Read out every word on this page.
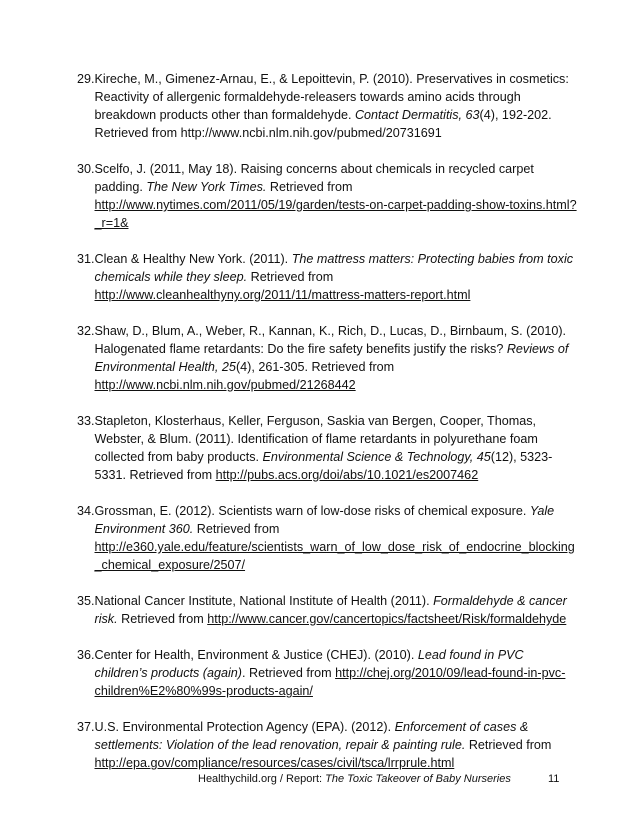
29. Kireche, M., Gimenez-Arnau, E., & Lepoittevin, P. (2010). Preservatives in cosmetics: Reactivity of allergenic formaldehyde-releasers towards amino acids through breakdown products other than formaldehyde. Contact Dermatitis, 63(4), 192-202. Retrieved from http://www.ncbi.nlm.nih.gov/pubmed/20731691
30. Scelfo, J. (2011, May 18). Raising concerns about chemicals in recycled carpet padding. The New York Times. Retrieved from http://www.nytimes.com/2011/05/19/garden/tests-on-carpet-padding-show-toxins.html?_r=1&
31. Clean & Healthy New York. (2011). The mattress matters: Protecting babies from toxic chemicals while they sleep. Retrieved from http://www.cleanhealthyny.org/2011/11/mattress-matters-report.html
32. Shaw, D., Blum, A., Weber, R., Kannan, K., Rich, D., Lucas, D., Birnbaum, S. (2010). Halogenated flame retardants: Do the fire safety benefits justify the risks? Reviews of Environmental Health, 25(4), 261-305. Retrieved from http://www.ncbi.nlm.nih.gov/pubmed/21268442
33. Stapleton, Klosterhaus, Keller, Ferguson, Saskia van Bergen, Cooper, Thomas, Webster, & Blum. (2011). Identification of flame retardants in polyurethane foam collected from baby products. Environmental Science & Technology, 45(12), 5323-5331. Retrieved from http://pubs.acs.org/doi/abs/10.1021/es2007462
34. Grossman, E. (2012). Scientists warn of low-dose risks of chemical exposure. Yale Environment 360. Retrieved from http://e360.yale.edu/feature/scientists_warn_of_low_dose_risk_of_endocrine_blocking_chemical_exposure/2507/
35. National Cancer Institute, National Institute of Health (2011). Formaldehyde & cancer risk. Retrieved from http://www.cancer.gov/cancertopics/factsheet/Risk/formaldehyde
36. Center for Health, Environment & Justice (CHEJ). (2010). Lead found in PVC children’s products (again). Retrieved from http://chej.org/2010/09/lead-found-in-pvc-children%E2%80%99s-products-again/
37. U.S. Environmental Protection Agency (EPA). (2012). Enforcement of cases & settlements: Violation of the lead renovation, repair & painting rule. Retrieved from http://epa.gov/compliance/resources/cases/civil/tsca/lrrprule.html
Healthychild.org / Report: The Toxic Takeover of Baby Nurseries	11
